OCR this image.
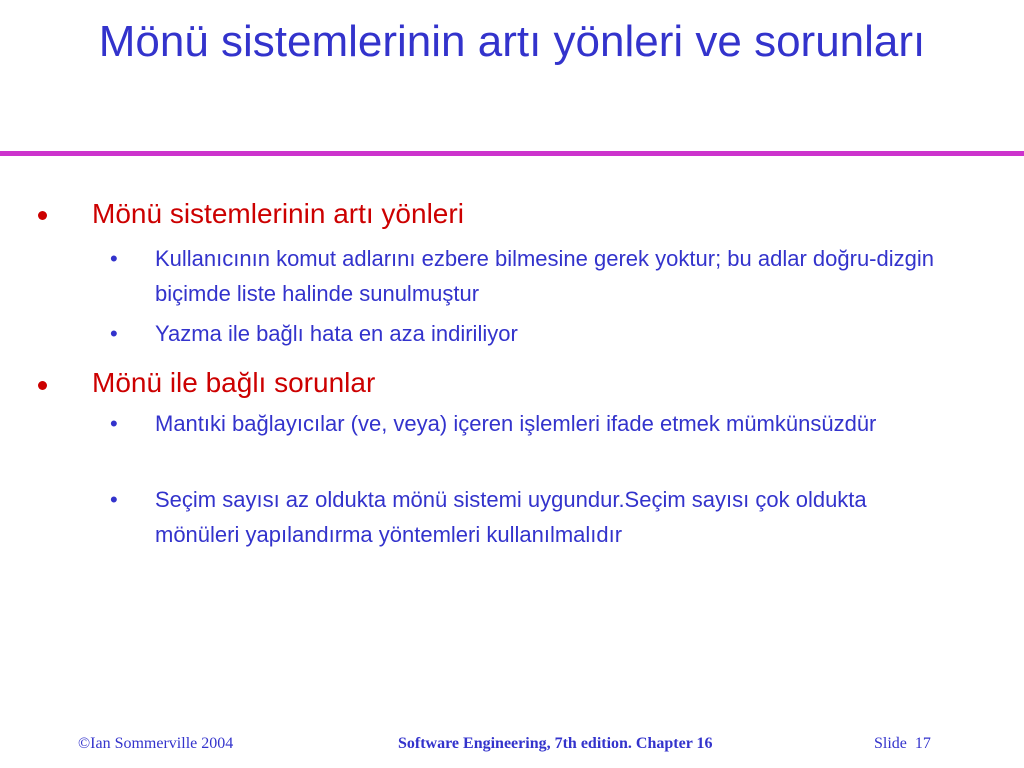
Mönü sistemlerinin artı yönleri ve sorunları
Mönü sistemlerinin artı yönleri
• Kullanıcının komut adlarını ezbere bilmesine gerek yoktur; bu adlar doğru-dizgin biçimde liste halinde sunulmuştur
• Yazma ile bağlı hata en aza indiriliyor
Mönü ile bağlı sorunlar
• Mantıki bağlayıcılar (ve, veya) içeren işlemleri ifade etmek mümkünsüzdür
• Seçim sayısı az oldukta mönü sistemi uygundur.Seçim sayısı çok oldukta mönüleri yapılandırma yöntemleri kullanılmalıdır
©Ian Sommerville 2004	Software Engineering, 7th edition. Chapter 16	Slide  17
